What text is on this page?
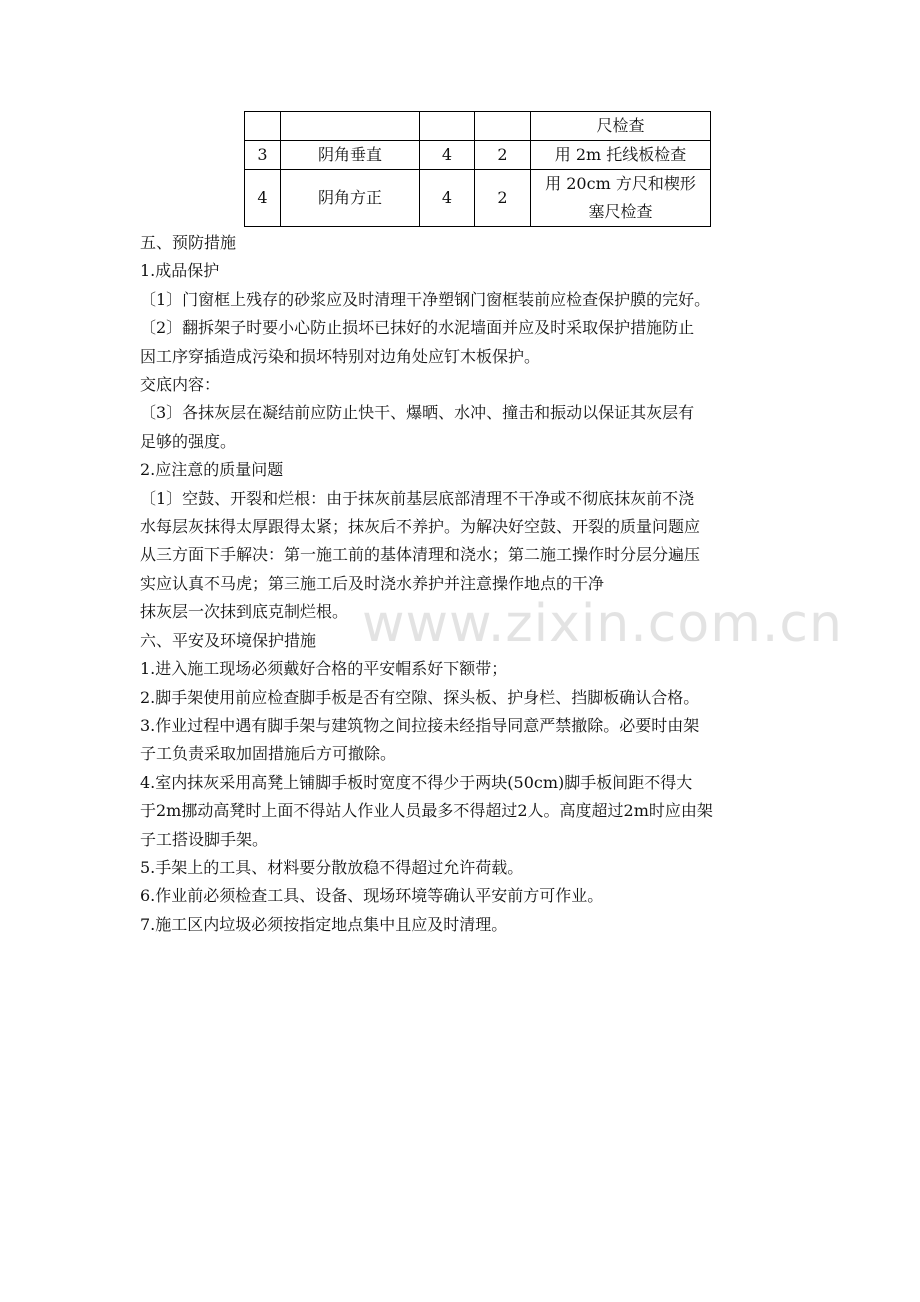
				尺检查
3	阴角垂直	4	2	用 2m 托线板检查
4	阴角方正	4	2	用 20cm 方尺和楔形
塞尺检查

五、预防措施

1.成品保护

〔1〕门窗框上残存的砂浆应及时清理干净塑钢门窗框装前应检查保护膜的完好。

〔2〕翻拆架子时要小心防止损坏已抹好的水泥墙面并应及时采取保护措施防止

因工序穿插造成污染和损坏特别对边角处应钉木板保护。

交底内容：

〔3〕各抹灰层在凝结前应防止快干、爆晒、水冲、撞击和振动以保证其灰层有

足够的强度。

2.应注意的质量问题

〔1〕空鼓、开裂和烂根：由于抹灰前基层底部清理不干净或不彻底抹灰前不浇

水每层灰抹得太厚跟得太紧；抹灰后不养护。为解决好空鼓、开裂的质量问题应

从三方面下手解决：第一施工前的基体清理和浇水；第二施工操作时分层分遍压

实应认真不马虎；第三施工后及时浇水养护并注意操作地点的干净

抹灰层一次抹到底克制烂根。

六、平安及环境保护措施

1.进入施工现场必须戴好合格的平安帽系好下额带；

2.脚手架使用前应检查脚手板是否有空隙、探头板、护身栏、挡脚板确认合格。

3.作业过程中遇有脚手架与建筑物之间拉接未经指导同意严禁撤除。必要时由架

子工负责采取加固措施后方可撤除。

4.室内抹灰采用高凳上铺脚手板时宽度不得少于两块(50cm)脚手板间距不得大

于2m挪动高凳时上面不得站人作业人员最多不得超过2人。高度超过2m时应由架

子工搭设脚手架。

5.手架上的工具、材料要分散放稳不得超过允许荷载。

6.作业前必须检查工具、设备、现场环境等确认平安前方可作业。

7.施工区内垃圾必须按指定地点集中且应及时清理。

www.zixin.com.cn
